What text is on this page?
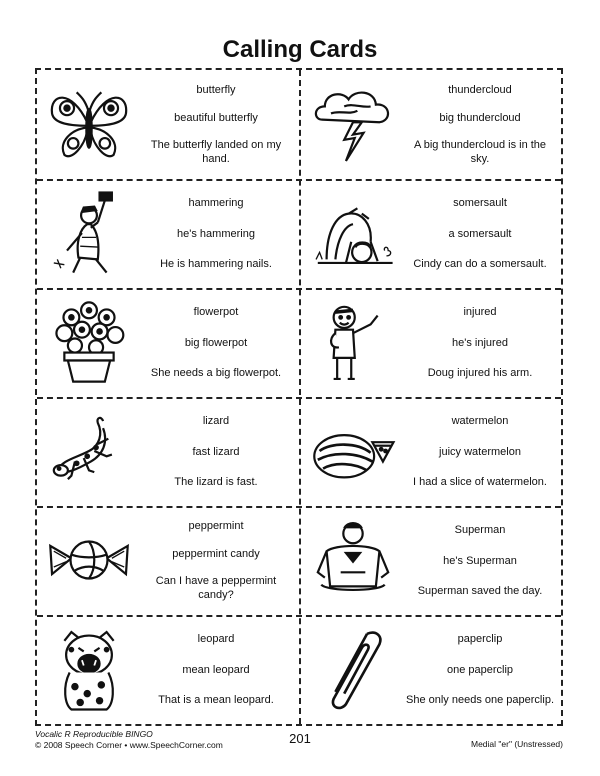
Calling Cards
butterfly
beautiful butterfly
The butterfly landed on my hand.
thundercloud
big thundercloud
A big thundercloud is in the sky.
hammering
he's hammering
He is hammering nails.
somersault
a somersault
Cindy can do a somersault.
flowerpot
big flowerpot
She needs a big flowerpot.
injured
he's injured
Doug injured his arm.
lizard
fast lizard
The lizard is fast.
watermelon
juicy watermelon
I had a slice of watermelon.
peppermint
peppermint candy
Can I have a peppermint candy?
Superman
he's Superman
Superman saved the day.
leopard
mean leopard
That is a mean leopard.
paperclip
one paperclip
She only needs one paperclip.
Vocalic R Reproducible BINGO
© 2008 Speech Corner • www.SpeechCorner.com	201	Medial "er" (Unstressed)
